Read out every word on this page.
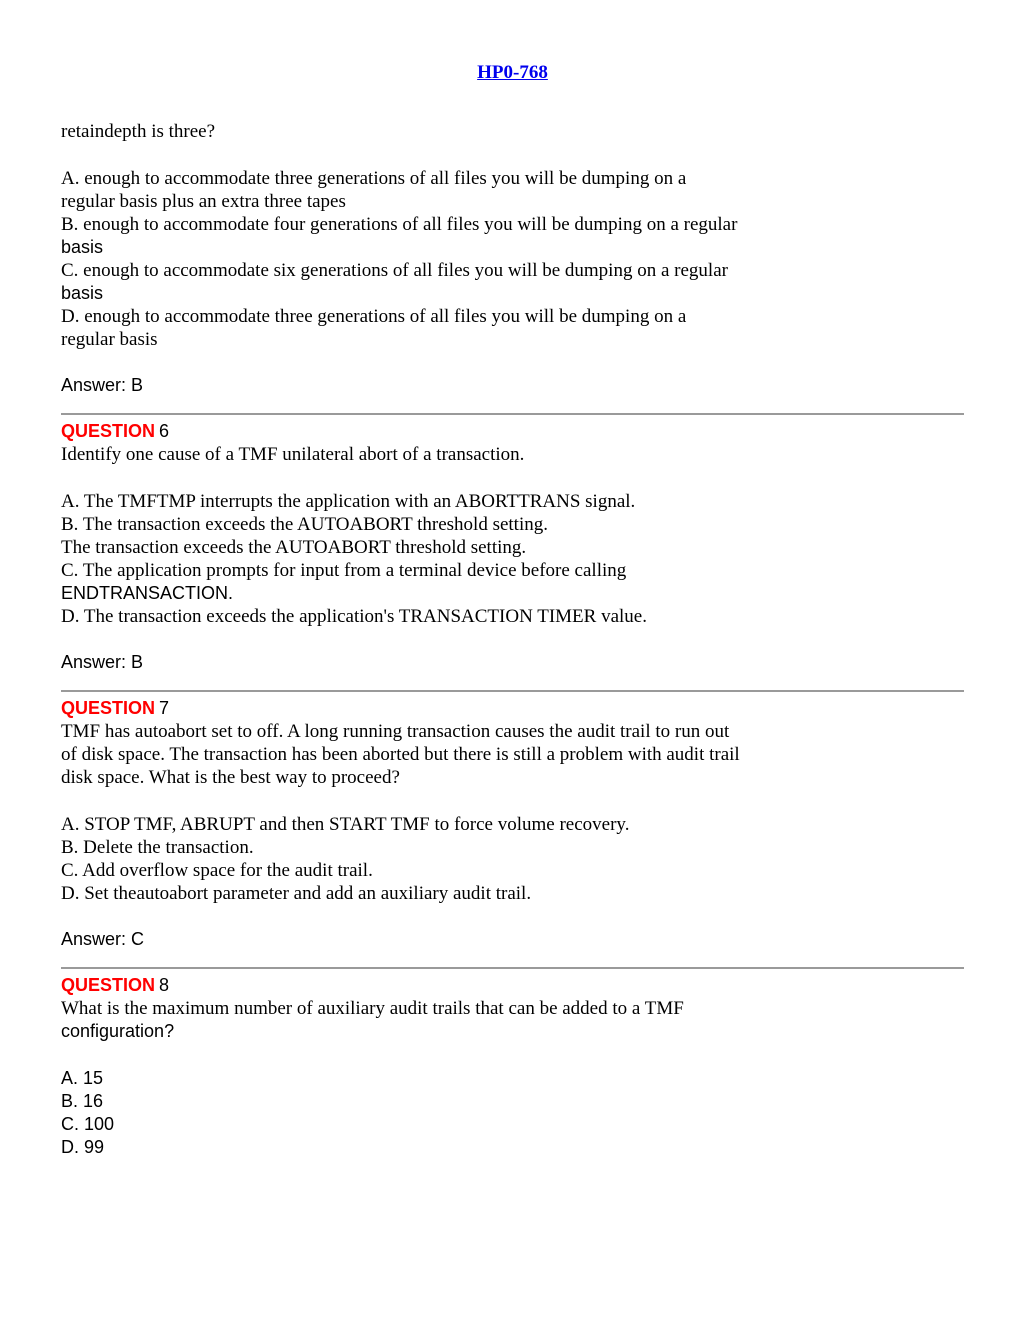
HP0-768
retaindepth is three?
A. enough to accommodate three generations of all files you will be dumping on a
regular basis plus an extra three tapes
B. enough to accommodate four generations of all files you will be dumping on a regular
basis
C. enough to accommodate six generations of all files you will be dumping on a regular
basis
D. enough to accommodate three generations of all files you will be dumping on a
regular basis
Answer: B
QUESTION 6
Identify one cause of a TMF unilateral abort of a transaction.
A. The TMFTMP interrupts the application with an ABORTTRANS signal.
B. The transaction exceeds the AUTOABORT threshold setting.
The transaction exceeds the AUTOABORT threshold setting.
C. The application prompts for input from a terminal device before calling
ENDTRANSACTION.
D. The transaction exceeds the application's TRANSACTION TIMER value.
Answer: B
QUESTION 7
TMF has autoabort set to off. A long running transaction causes the audit trail to run out
of disk space. The transaction has been aborted but there is still a problem with audit trail
disk space. What is the best way to proceed?
A. STOP TMF, ABRUPT and then START TMF to force volume recovery.
B. Delete the transaction.
C. Add overflow space for the audit trail.
D. Set theautoabort parameter and add an auxiliary audit trail.
Answer: C
QUESTION 8
What is the maximum number of auxiliary audit trails that can be added to a TMF
configuration?
A. 15
B. 16
C. 100
D. 99
